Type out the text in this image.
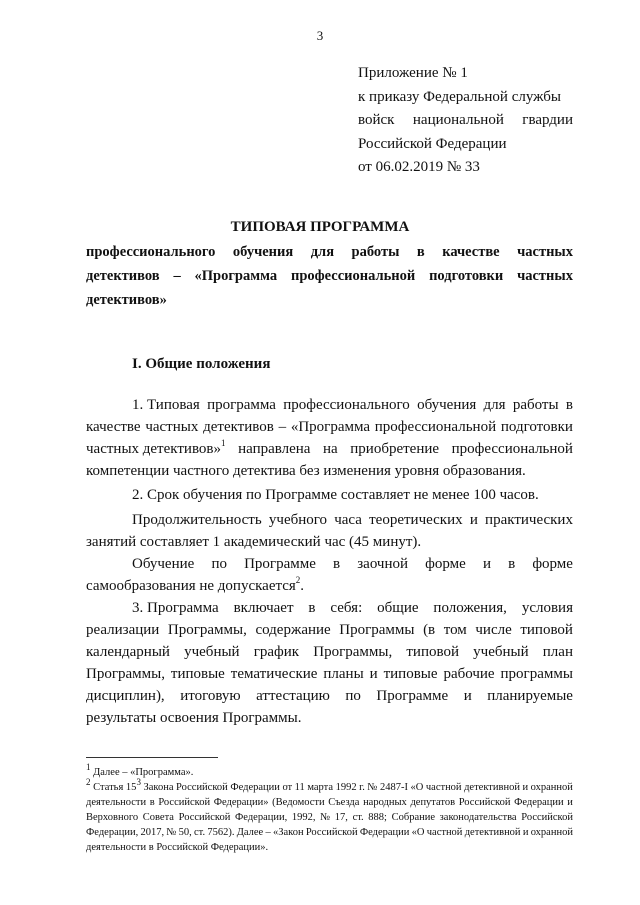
3
Приложение № 1
к приказу Федеральной службы
войск национальной гвардии
Российской Федерации
от 06.02.2019 № 33
ТИПОВАЯ ПРОГРАММА
профессионального обучения для работы в качестве частных
детективов – «Программа профессиональной подготовки частных
детективов»
I. Общие положения
1. Типовая программа профессионального обучения для работы в
качестве частных детективов – «Программа профессиональной подготовки
частных детективов»$^1$ направлена на приобретение профессиональной
компетенции частного детектива без изменения уровня образования.
2. Срок обучения по Программе составляет не менее 100 часов.
Продолжительность учебного часа теоретических и практических
занятий составляет 1 академический час (45 минут).
Обучение по Программе в заочной форме и в форме
самообразования не допускается$^2$.
3. Программа включает в себя: общие положения, условия
реализации Программы, содержание Программы (в том числе типовой
календарный учебный график Программы, типовой учебный план
Программы, типовые тематические планы и типовые рабочие программы
дисциплин), итоговую аттестацию по Программе и планируемые
результаты освоения Программы.
$^1$ Далее – «Программа».
$^2$ Статья $15^3$
Закона Российской Федерации от 11 марта 1992 г. № 2487-I «О частной детективной и охранной
деятельности в Российской Федерации» (Ведомости Съезда народных депутатов Российской Федерации и
Верховного Совета Российской Федерации, 1992, № 17, ст. 888; Собрание законодательства Российской
Федерации, 2017, № 50, ст. 7562). Далее – «Закон Российской Федерации «О частной детективной и охранной
деятельности в Российской Федерации».
